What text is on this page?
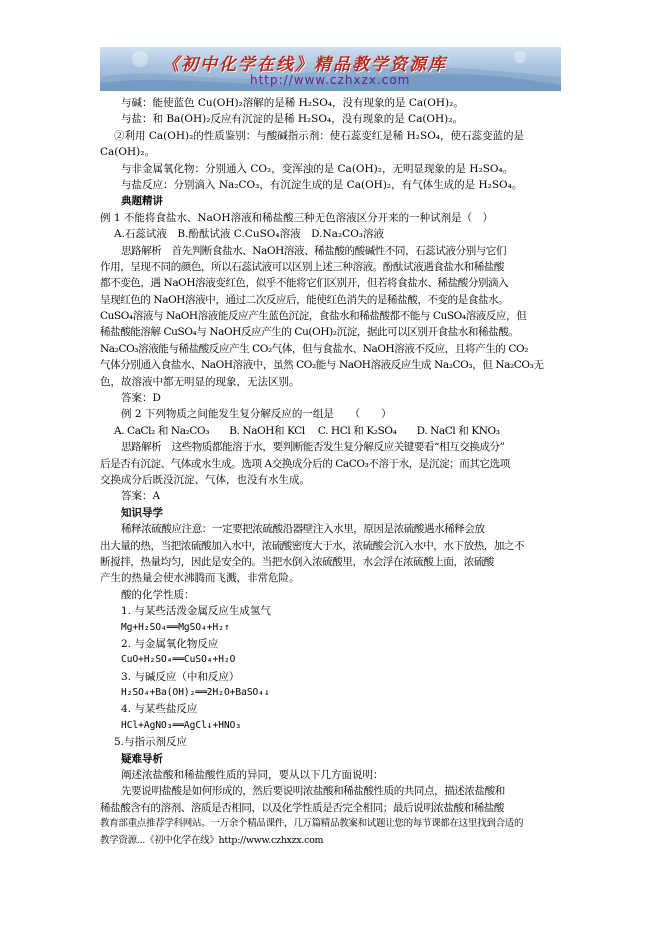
《初中化学在线》精品教学资源库
http://www.czhxzx.com
与碱：能使蓝色 Cu(OH)₂溶解的是稀 H₂SO₄，没有现象的是 Ca(OH)₂。
与盐：和 Ba(OH)₂反应有沉淀的是稀 H₂SO₄，没有现象的是 Ca(OH)₂。
②利用 Ca(OH)₂的性质鉴别：与酸碱指示剂：使石蕊变红是稀 H₂SO₄，使石蕊变蓝的是
Ca(OH)₂。
与非金属氧化物：分别通入 CO₂，变浑浊的是 Ca(OH)₂，无明显现象的是 H₂SO₄。
与盐反应：分别滴入 Na₂CO₃，有沉淀生成的是 Ca(OH)₂，有气体生成的是 H₂SO₄。
典题精讲
例 1 不能将食盐水、NaOH溶液和稀盐酸三种无色溶液区分开来的一种试剂是（　）
A.石蕊试液　B.酚酞试液 C.CuSO₄溶液　D.Na₂CO₃溶液
思路解析　首先判断食盐水、NaOH溶液、稀盐酸的酸碱性不同，石蕊试液分别与它们
作用，呈现不同的颜色，所以石蕊试液可以区别上述三种溶液。酚酞试液遇食盐水和稀盐酸
都不变色，遇 NaOH溶液变红色，似乎不能将它们区别开，但若将食盐水、稀盐酸分别滴入
呈现红色的 NaOH溶液中，通过二次反应后，能使红色消失的是稀盐酸，不变的是食盐水。
CuSO₄溶液与 NaOH溶液能反应产生蓝色沉淀，食盐水和稀盐酸都不能与 CuSO₄溶液反应，但
稀盐酸能溶解 CuSO₄与 NaOH反应产生的 Cu(OH)₂沉淀，据此可以区别开食盐水和稀盐酸。
Na₂CO₃溶液能与稀盐酸反应产生 CO₂气体，但与食盐水、NaOH溶液不反应，且将产生的 CO₂
气体分别通入食盐水、NaOH溶液中，虽然 CO₂能与 NaOH溶液反应生成 Na₂CO₃，但 Na₂CO₃无
色，故溶液中都无明显的现象，无法区别。
答案：D
例 2 下列物质之间能发生复分解反应的一组是　　（　　）
A. CaCl₂ 和 Na₂CO₃　　B. NaOH和 KCl　 C. HCl 和 K₂SO₄　　D. NaCl 和 KNO₃
思路解析　这些物质都能溶于水，要判断能否发生复分解反应关键要看“相互交换成分”
后是否有沉淀、气体或水生成。选项 A交换成分后的 CaCO₃不溶于水，是沉淀；而其它选项
交换成分后既没沉淀、气体，也没有水生成。
答案：A
知识导学
稀释浓硫酸应注意：一定要把浓硫酸沿器壁注入水里，原因是浓硫酸遇水稀释会放
出大量的热，当把浓硫酸加入水中，浓硫酸密度大于水，浓硫酸会沉入水中，水下放热，加之不
断搅拌，热量均匀，因此是安全的。当把水倒入浓硫酸里，水会浮在浓硫酸上面，浓硫酸
产生的热量会使水沸腾而飞溅，非常危险。
酸的化学性质：
1. 与某些活泼金属反应生成氢气
Mg+H₂SO₄══MgSO₄+H₂↑
2. 与金属氧化物反应
CuO+H₂SO₄══CuSO₄+H₂O
3. 与碱反应（中和反应）
H₂SO₄+Ba(OH)₂══2H₂O+BaSO₄↓
4. 与某些盐反应
HCl+AgNO₃══AgCl↓+HNO₃
5.与指示剂反应
疑难导析
阐述浓盐酸和稀盐酸性质的异同，要从以下几方面说明：
先要说明盐酸是如何形成的，然后要说明浓盐酸和稀盐酸性质的共同点，描述浓盐酸和
稀盐酸含有的溶剂、溶质是否相同，以及化学性质是否完全相同；最后说明浓盐酸和稀盐酸
教育部重点推荐学科网站。一万余个精品课件，几万篇精品教案和试题让您的每节课都在这里找到合适的
教学资源...《初中化学在线》http://www.czhxzx.com
